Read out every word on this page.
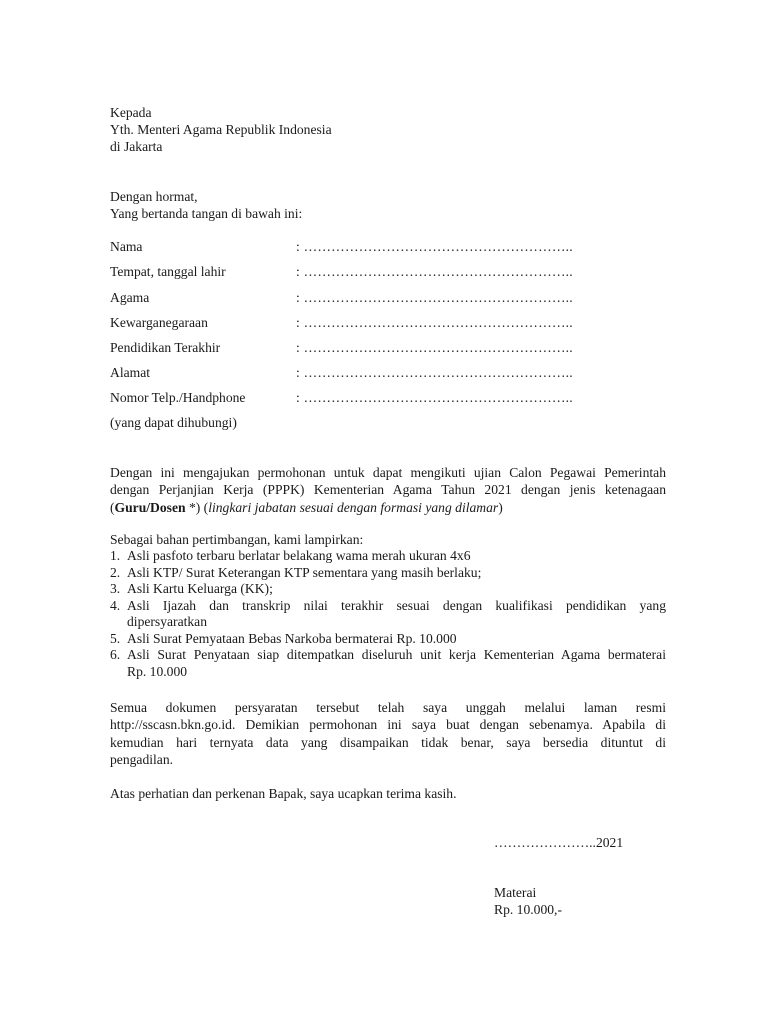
Kepada
Yth. Menteri Agama Republik Indonesia
di Jakarta
Dengan hormat,
Yang bertanda tangan di bawah ini:
Nama	: …………………………………………………..
Tempat, tanggal lahir	: …………………………………………………..
Agama	: …………………………………………………..
Kewarganegaraan	: …………………………………………………..
Pendidikan Terakhir	: …………………………………………………..
Alamat	: …………………………………………………..
Nomor Telp./Handphone	: …………………………………………………..
(yang dapat dihubungi)
Dengan ini mengajukan permohonan untuk dapat mengikuti ujian Calon Pegawai Pemerintah
dengan Perjanjian Kerja (PPPK) Kementerian Agama Tahun 2021 dengan jenis ketenagaan
(Guru/Dosen *) (lingkari jabatan sesuai dengan formasi yang dilamar)
Sebagai bahan pertimbangan, kami lampirkan:
1. Asli pasfoto terbaru berlatar belakang wama merah ukuran 4x6
2. Asli KTP/ Surat Keterangan KTP sementara yang masih berlaku;
3. Asli Kartu Keluarga (KK);
4. Asli Ijazah dan transkrip nilai terakhir sesuai dengan kualifikasi pendidikan yang
dipersyaratkan
5. Asli Surat Pemyataan Bebas Narkoba bermaterai Rp. 10.000
6. Asli Surat Penyataan siap ditempatkan diseluruh unit kerja Kementerian Agama bermaterai
Rp. 10.000
Semua dokumen persyaratan tersebut telah saya unggah melalui laman resmi
http://sscasn.bkn.go.id. Demikian permohonan ini saya buat dengan sebenamya. Apabila di
kemudian hari ternyata data yang disampaikan tidak benar, saya bersedia dituntut di
pengadilan.
Atas perhatian dan perkenan Bapak, saya ucapkan terima kasih.
…………………..2021
Materai
Rp. 10.000,-
